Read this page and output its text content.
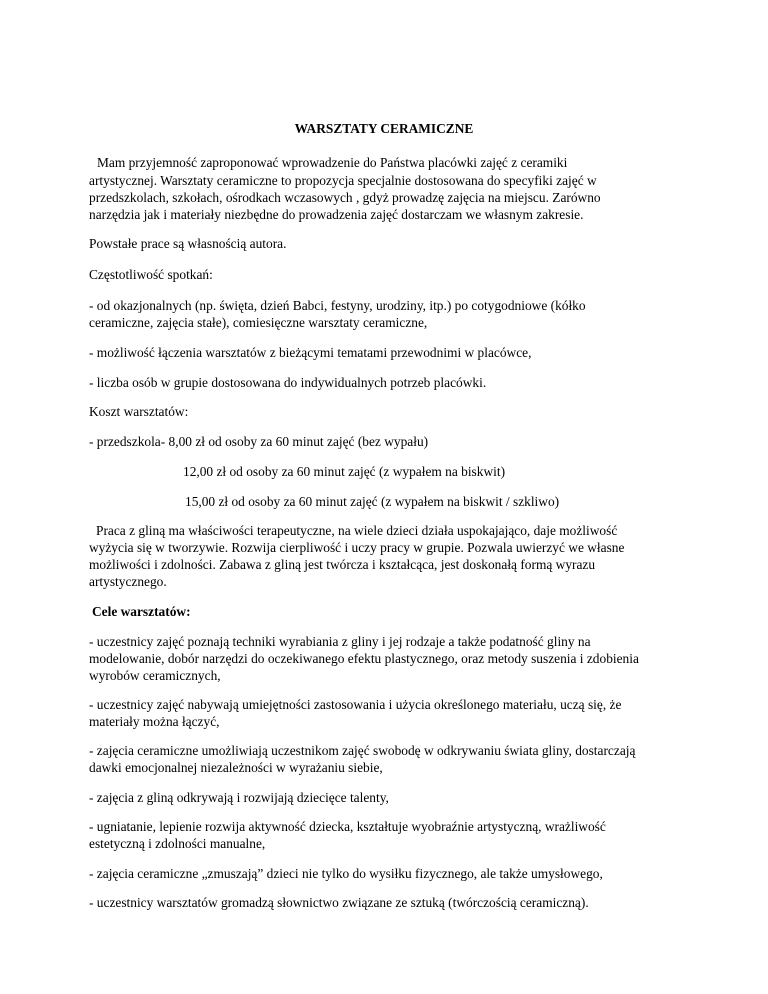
WARSZTATY CERAMICZNE

Mam przyjemność zaproponować wprowadzenie do Państwa placówki zajęć z ceramiki

artystycznej. Warsztaty ceramiczne to propozycja specjalnie dostosowana do specyfiki zajęć w

przedszkolach, szkołach, ośrodkach wczasowych , gdyż prowadzę zajęcia na miejscu. Zarówno

narzędzia jak i materiały niezbędne do prowadzenia zajęć dostarczam we własnym zakresie.

Powstałe prace są własnością autora.

Częstotliwość spotkań:

- od okazjonalnych (np. święta, dzień Babci, festyny, urodziny, itp.) po cotygodniowe (kółko

ceramiczne, zajęcia stałe), comiesięczne warsztaty ceramiczne,

- możliwość łączenia warsztatów z bieżącymi tematami przewodnimi w placówce,

- liczba osób w grupie dostosowana do indywidualnych potrzeb placówki.

Koszt warsztatów:

- przedszkola- 8,00 zł od osoby za 60 minut zajęć (bez wypału)

12,00 zł od osoby za 60 minut zajęć (z wypałem na biskwit)

15,00 zł od osoby za 60 minut zajęć (z wypałem na biskwit / szkliwo)

Praca z gliną ma właściwości terapeutyczne, na wiele dzieci działa uspokajająco, daje możliwość

wyżycia się w tworzywie. Rozwija cierpliwość i uczy pracy w grupie. Pozwala uwierzyć we własne

możliwości i zdolności. Zabawa z gliną jest twórcza i kształcąca, jest doskonałą formą wyrazu

artystycznego.

Cele warsztatów:

- uczestnicy zajęć poznają techniki wyrabiania z gliny i jej rodzaje a także podatność gliny na

modelowanie, dobór narzędzi do oczekiwanego efektu plastycznego, oraz metody suszenia i zdobienia

wyrobów ceramicznych,

- uczestnicy zajęć nabywają umiejętności zastosowania i użycia określonego materiału, uczą się, że

materiały można łączyć,

- zajęcia ceramiczne umożliwiają uczestnikom zajęć swobodę w odkrywaniu świata gliny, dostarczają

dawki emocjonalnej niezależności w wyrażaniu siebie,

- zajęcia z gliną odkrywają i rozwijają dziecięce talenty,

- ugniatanie, lepienie rozwija aktywność dziecka, kształtuje wyobraźnie artystyczną, wrażliwość

estetyczną i zdolności manualne,

- zajęcia ceramiczne „zmuszają” dzieci nie tylko do wysiłku fizycznego, ale także umysłowego,

- uczestnicy warsztatów gromadzą słownictwo związane ze sztuką (twórczością ceramiczną).
